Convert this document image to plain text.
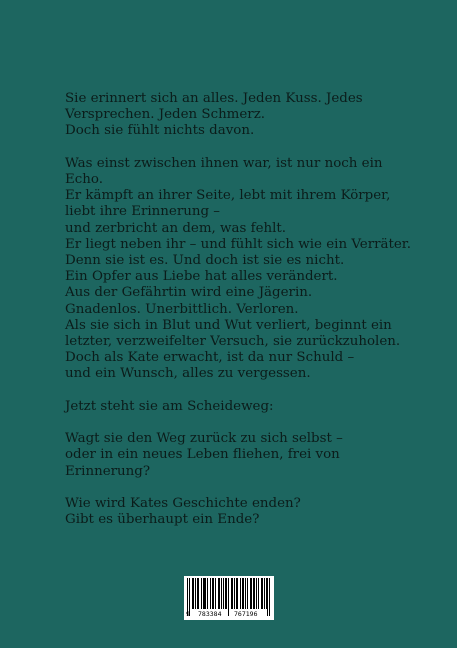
Sie erinnert sich an alles. Jeden Kuss. Jedes
Versprechen. Jeden Schmerz.
Doch sie fühlt nichts davon.

Was einst zwischen ihnen war, ist nur noch ein
Echo.
Er kämpft an ihrer Seite, lebt mit ihrem Körper,
liebt ihre Erinnerung –
und zerbricht an dem, was fehlt.
Er liegt neben ihr – und fühlt sich wie ein Verräter.
Denn sie ist es. Und doch ist sie es nicht.
Ein Opfer aus Liebe hat alles verändert.
Aus der Gefährtin wird eine Jägerin.
Gnadenlos. Unerbittlich. Verloren.
Als sie sich in Blut und Wut verliert, beginnt ein
letzter, verzweifelter Versuch, sie zurückzuholen.
Doch als Kate erwacht, ist da nur Schuld –
und ein Wunsch, alles zu vergessen.

Jetzt steht sie am Scheideweg:

Wagt sie den Weg zurück zu sich selbst –
oder in ein neues Leben fliehen, frei von
Erinnerung?

Wie wird Kates Geschichte enden?
Gibt es überhaupt ein Ende?

9 783384 767196
